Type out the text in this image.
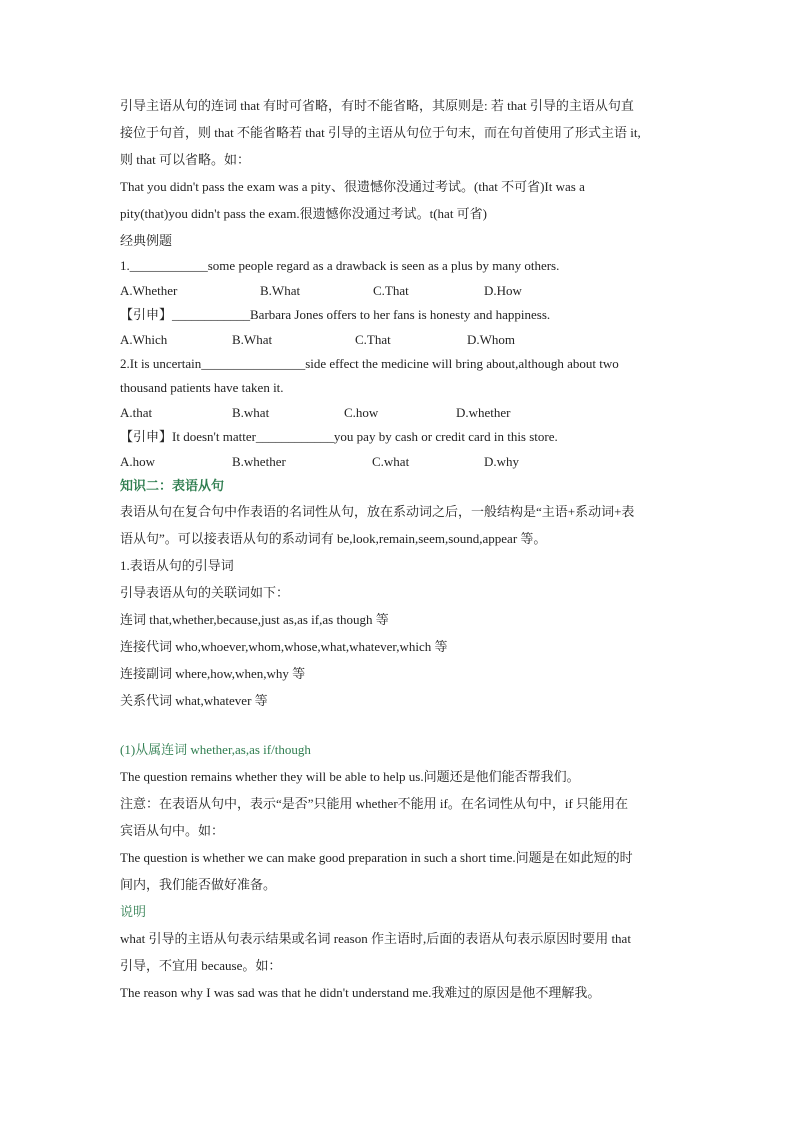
引导主语从句的连词 that 有时可省略，有时不能省略，其原则是: 若 that 引导的主语从句直

接位于句首，则 that 不能省略若 that 引导的主语从句位于句末，而在句首使用了形式主语 it,

则 that 可以省略。如：

That you didn't pass the exam was a pity、很遗憾你没通过考试。(that 不可省)It was a

pity(that)you didn't pass the exam.很遗憾你没通过考试。t(hat 可省)

经典例题

1.____________some people regard as a drawback is seen as a plus by many others.

A.Whether	B.What	C.That	D.How

【引申】____________Barbara Jones offers to her fans is honesty and happiness.

A.Which	B.What	C.That	D.Whom

2.It is uncertain________________side effect the medicine will bring about,although about two

thousand patients have taken it.

A.that	B.what	C.how	D.whether

【引申】It doesn't matter____________you pay by cash or credit card in this store.

A.how	B.whether	C.what	D.why

知识二：表语从句

表语从句在复合句中作表语的名词性从句，放在系动词之后，一般结构是“主语+系动词+表

语从句”。可以接表语从句的系动词有 be,look,remain,seem,sound,appear 等。

1.表语从句的引导词

引导表语从句的关联词如下：

连词 that,whether,because,just as,as if,as though 等

连接代词 who,whoever,whom,whose,what,whatever,which 等

连接副词 where,how,when,why 等

关系代词 what,whatever 等

(1)从属连词 whether,as,as if/though

The question remains whether they will be able to help us.问题还是他们能否帮我们。

注意：在表语从句中，表示“是否”只能用 whether不能用 if。在名词性从句中，if 只能用在

宾语从句中。如：

The question is whether we can make good preparation in such a short time.问题是在如此短的时

间内，我们能否做好准备。

说明

what 引导的主语从句表示结果或名词 reason 作主语时,后面的表语从句表示原因时要用 that

引导，不宜用 because。如：

The reason why I was sad was that he didn't understand me.我难过的原因是他不理解我。
